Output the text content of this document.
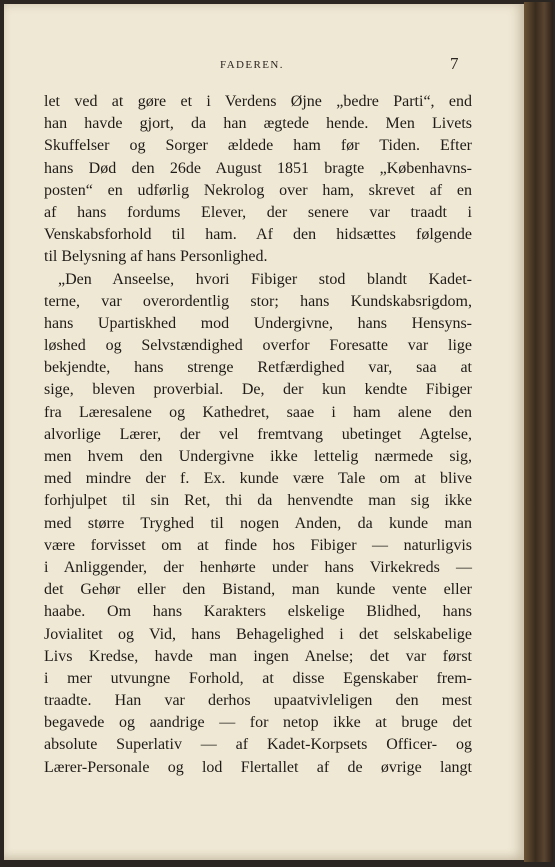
FADEREN.	7

let ved at gøre et i Verdens Øjne „bedre Parti“, end
han havde gjort, da han ægtede hende. Men Livets
Skuffelser og Sorger ældede ham før Tiden. Efter
hans Død den 26de August 1851 bragte „Københavns-
posten“ en udførlig Nekrolog over ham, skrevet af en
af hans fordums Elever, der senere var traadt i
Venskabsforhold til ham. Af den hidsættes følgende
til Belysning af hans Personlighed.
„Den Anseelse, hvori Fibiger stod blandt Kadet-
terne, var overordentlig stor; hans Kundskabsrigdom,
hans Upartiskhed mod Undergivne, hans Hensyns-
løshed og Selvstændighed overfor Foresatte var lige
bekjendte, hans strenge Retfærdighed var, saa at
sige, bleven proverbial. De, der kun kendte Fibiger
fra Læresalene og Kathedret, saae i ham alene den
alvorlige Lærer, der vel fremtvang ubetinget Agtelse,
men hvem den Undergivne ikke lettelig nærmede sig,
med mindre der f. Ex. kunde være Tale om at blive
forhjulpet til sin Ret, thi da henvendte man sig ikke
med større Tryghed til nogen Anden, da kunde man
være forvisset om at finde hos Fibiger — naturligvis
i Anliggender, der henhørte under hans Virkekreds —
det Gehør eller den Bistand, man kunde vente eller
haabe. Om hans Karakters elskelige Blidhed, hans
Jovialitet og Vid, hans Behagelighed i det selskabelige
Livs Kredse, havde man ingen Anelse; det var først
i mer utvungne Forhold, at disse Egenskaber frem-
traadte. Han var derhos upaatvivleligen den mest
begavede og aandrige — for netop ikke at bruge det
absolute Superlativ — af Kadet-Korpsets Officer- og
Lærer-Personale og lod Flertallet af de øvrige langt
